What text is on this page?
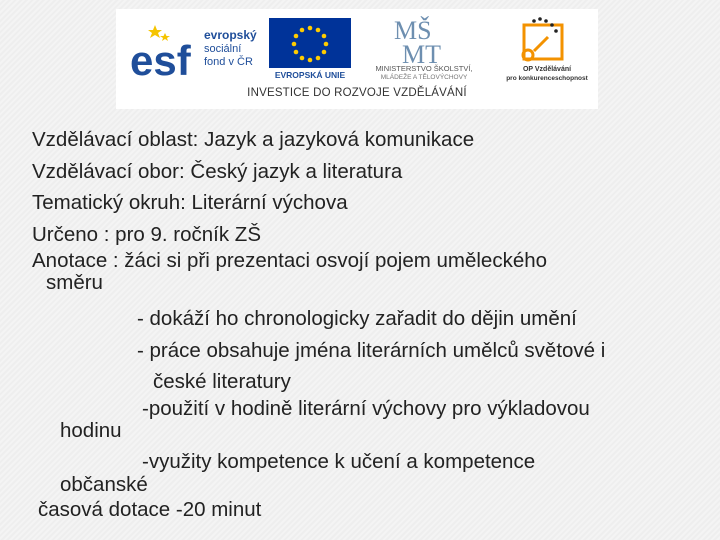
esf
evropský
sociální
fond v ČR
EVROPSKÁ UNIE
MŠ
MT
MINISTERSTVO ŠKOLSTVÍ,
MLÁDEŽE A TĚLOVÝCHOVY
OP Vzdělávání
pro konkurenceschopnost
INVESTICE DO ROZVOJE VZDĚLÁVÁNÍ
Vzdělávací oblast: Jazyk a jazyková komunikace
Vzdělávací obor: Český jazyk a literatura
Tematický okruh: Literární výchova
Určeno : pro 9. ročník ZŠ
Anotace : žáci si při prezentaci osvojí pojem uměleckého
směru
- dokáží ho chronologicky zařadit do dějin umění
- práce obsahuje jména literárních umělců světové i
české literatury
-použití v hodině literární výchovy pro výkladovou
hodinu
-využity kompetence k učení a kompetence
občanské
časová dotace -20 minut
